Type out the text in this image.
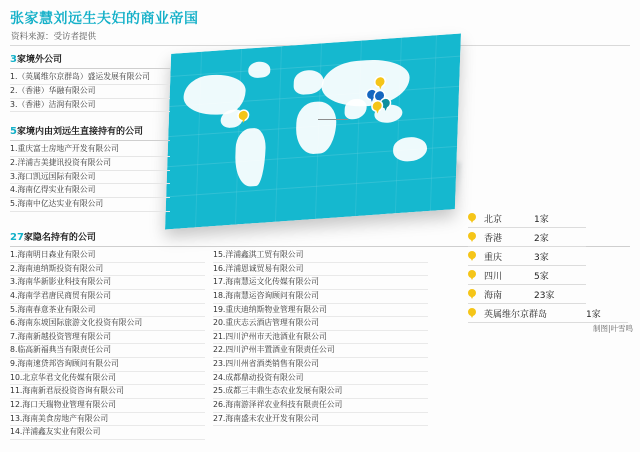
张家慧刘远生夫妇的商业帝国
资料来源：受访者提供
3家境外公司
1.（英属维尔京群岛）盛运发展有限公司
2.（香港）华融有限公司
3.（香港）洁润有限公司
5家境内由刘远生直接持有的公司
1.重庆富士房地产开发有限公司
2.洋浦吉美捷讯投资有限公司
3.海口凯远国际有限公司
4.海南亿得实业有限公司
5.海南中亿达实业有限公司
27家隐名持有的公司
1.海南明日森业有限公司
2.海南迪纳斯投资有限公司
3.海南华新影业科技有限公司
4.海南学君唐民商贸有限公司
5.海南春意茶业有限公司
6.海南东坡国际旅游文化投资有限公司
7.海南新越投资管理有限公司
8.临高新福典当有限责任公司
9.海南速贷邦咨询顾问有限公司
10.北京华君文化传媒有限公司
11.海南新君辰投资咨询有限公司
12.海口天瑞物业管理有限公司
13.海南美食房地产有限公司
14.洋浦鑫友实业有限公司
15.洋浦鑫淇工贸有限公司
16.洋浦恩诚贸易有限公司
17.海南慧运文化传媒有限公司
18.海南慧运咨询顾问有限公司
19.重庆迪纳斯物业管理有限公司
20.重庆志云酒店管理有限公司
21.四川沪州市天池酒业有限公司
22.四川沪州丰置酒业有限责任公司
23.四川州省酒类销售有限公司
24.成都鼎动投资有限公司
25.成都三丰鼎生态农业发展有限公司
26.海南游泽祥农业科技有限责任公司
27.海南盛未农业开发有限公司
北京	1家
香港	2家
重庆	3家
四川	5家
海南	23家
英属维尔京群岛	1家
制图|叶雪鸣
